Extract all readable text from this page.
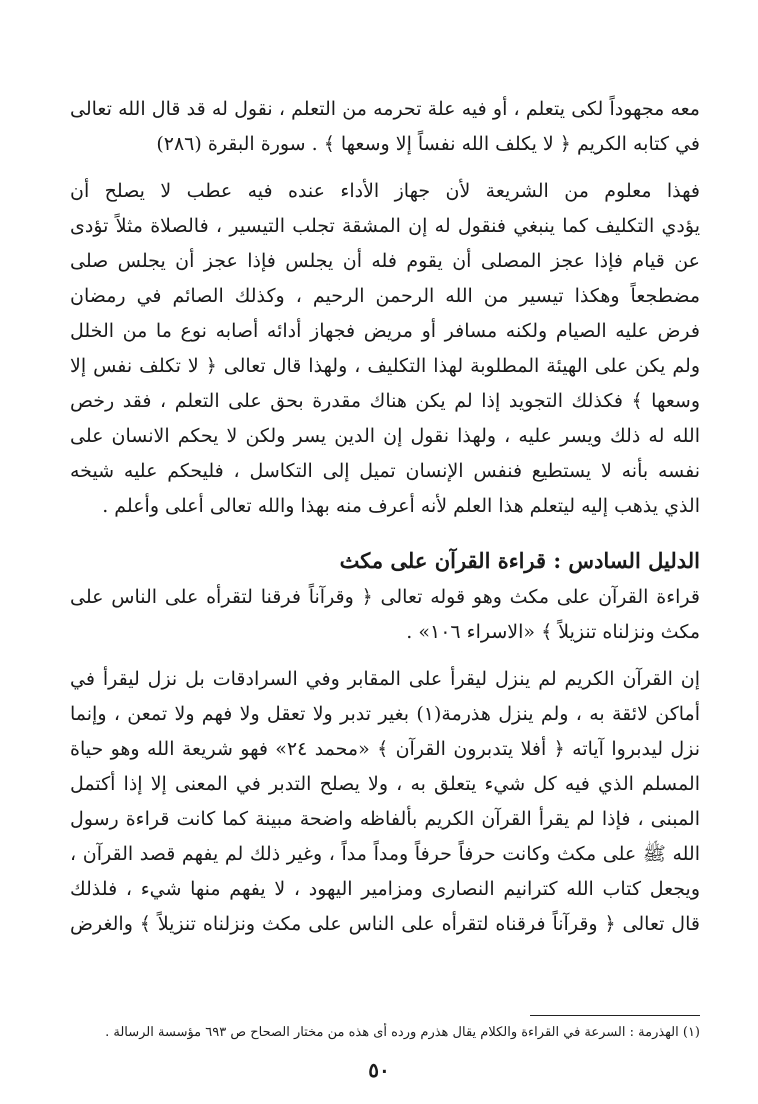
معه مجهوداً لكى يتعلم ، أو فيه علة تحرمه من التعلم ، نقول له قد قال الله تعالى
في كتابه الكريم ﴿ لا يكلف الله نفساً إلا وسعها ﴾ . سورة البقرة (٢٨٦)
فهذا معلوم من الشريعة لأن جهاز الأداء عنده فيه عطب لا يصلح أن
يؤدي التكليف كما ينبغي فنقول له إن المشقة تجلب التيسير ، فالصلاة مثلاً تؤدى
عن قيام فإذا عجز المصلى أن يقوم فله أن يجلس فإذا عجز أن يجلس صلى
مضطجعاً وهكذا تيسير من الله الرحمن الرحيم ، وكذلك الصائم في رمضان
فرض عليه الصيام ولكنه مسافر أو مريض فجهاز أدائه أصابه نوع ما من الخلل
ولم يكن على الهيئة المطلوبة لهذا التكليف ، ولهذا قال تعالى ﴿ لا تكلف نفس إلا
وسعها ﴾ فكذلك التجويد إذا لم يكن هناك مقدرة بحق على التعلم ، فقد رخص
الله له ذلك ويسر عليه ، ولهذا نقول إن الدين يسر ولكن لا يحكم الانسان على
نفسه بأنه لا يستطيع فنفس الإنسان تميل إلى التكاسل ، فليحكم عليه شيخه
الذي يذهب إليه ليتعلم هذا العلم لأنه أعرف منه بهذا والله تعالى أعلى وأعلم .
الدليل السادس : قراءة القرآن على مكث
قراءة القرآن على مكث وهو قوله تعالى ﴿ وقرآناً فرقنا لتقرأه على الناس على
مكث ونزلناه تنزيلاً ﴾ «الاسراء ١٠٦» .
إن القرآن الكريم لم ينزل ليقرأ على المقابر وفي السرادقات بل نزل ليقرأ في
أماكن لائقة به ، ولم ينزل هذرمة(١) بغير تدبر ولا تعقل ولا فهم ولا تمعن ، وإنما
نزل ليدبروا آياته ﴿ أفلا يتدبرون القرآن ﴾ «محمد ٢٤» فهو شريعة الله وهو حياة
المسلم الذي فيه كل شيء يتعلق به ، ولا يصلح التدبر في المعنى إلا إذا أكتمل
المبنى ، فإذا لم يقرأ القرآن الكريم بألفاظه واضحة مبينة كما كانت قراءة رسول
الله ﷺ على مكث وكانت حرفاً حرفاً ومداً مداً ، وغير ذلك لم يفهم قصد القرآن ،
ويجعل كتاب الله كترانيم النصارى ومزامير اليهود ، لا يفهم منها شيء ، فلذلك
قال تعالى ﴿ وقرآناً فرقناه لتقرأه على الناس على مكث ونزلناه تنزيلاً ﴾ والغرض
(١) الهذرمة : السرعة في القراءة والكلام يقال هذرم ورده أى هذه من مختار الصحاح ص ٦٩٣ مؤسسة الرسالة .
٥٠
